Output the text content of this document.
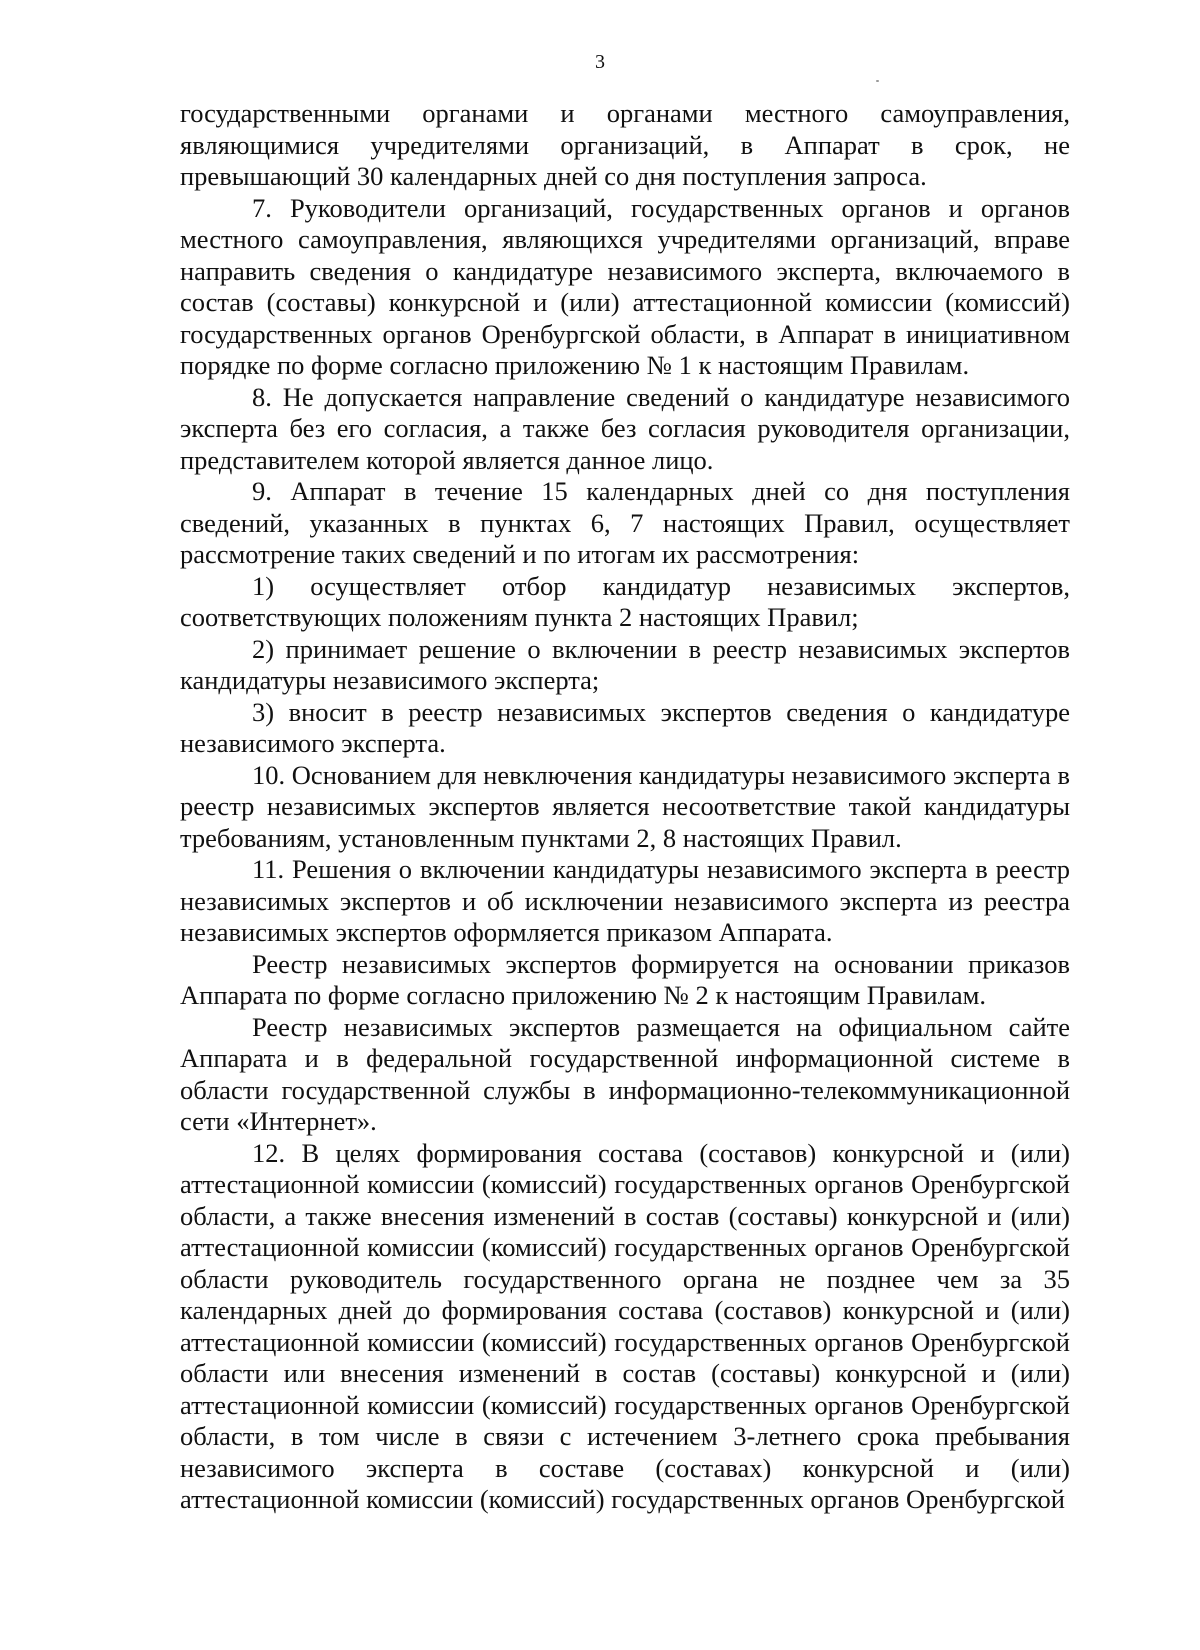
3

государственными органами и органами местного самоуправления, являющимися учредителями организаций, в Аппарат в срок, не превышающий 30 календарных дней со дня поступления запроса.

7. Руководители организаций, государственных органов и органов местного самоуправления, являющихся учредителями организаций, вправе направить сведения о кандидатуре независимого эксперта, включаемого в состав (составы) конкурсной и (или) аттестационной комиссии (комиссий) государственных органов Оренбургской области, в Аппарат в инициативном порядке по форме согласно приложению № 1 к настоящим Правилам.

8. Не допускается направление сведений о кандидатуре независимого эксперта без его согласия, а также без согласия руководителя организации, представителем которой является данное лицо.

9. Аппарат в течение 15 календарных дней со дня поступления сведений, указанных в пунктах 6, 7 настоящих Правил, осуществляет рассмотрение таких сведений и по итогам их рассмотрения:

1) осуществляет отбор кандидатур независимых экспертов, соответствующих положениям пункта 2 настоящих Правил;

2) принимает решение о включении в реестр независимых экспертов кандидатуры независимого эксперта;

3) вносит в реестр независимых экспертов сведения о кандидатуре независимого эксперта.

10. Основанием для невключения кандидатуры независимого эксперта в реестр независимых экспертов является несоответствие такой кандидатуры требованиям, установленным пунктами 2, 8 настоящих Правил.

11. Решения о включении кандидатуры независимого эксперта в реестр независимых экспертов и об исключении независимого эксперта из реестра независимых экспертов оформляется приказом Аппарата.

Реестр независимых экспертов формируется на основании приказов Аппарата по форме согласно приложению № 2 к настоящим Правилам.

Реестр независимых экспертов размещается на официальном сайте Аппарата и в федеральной государственной информационной системе в области государственной службы в информационно-телекоммуникационной сети «Интернет».

12. В целях формирования состава (составов) конкурсной и (или) аттестационной комиссии (комиссий) государственных органов Оренбургской области, а также внесения изменений в состав (составы) конкурсной и (или) аттестационной комиссии (комиссий) государственных органов Оренбургской области руководитель государственного органа не позднее чем за 35 календарных дней до формирования состава (составов) конкурсной и (или) аттестационной комиссии (комиссий) государственных органов Оренбургской области или внесения изменений в состав (составы) конкурсной и (или) аттестационной комиссии (комиссий) государственных органов Оренбургской области, в том числе в связи с истечением 3-летнего срока пребывания независимого эксперта в составе (составах) конкурсной и (или) аттестационной комиссии (комиссий) государственных органов Оренбургской
